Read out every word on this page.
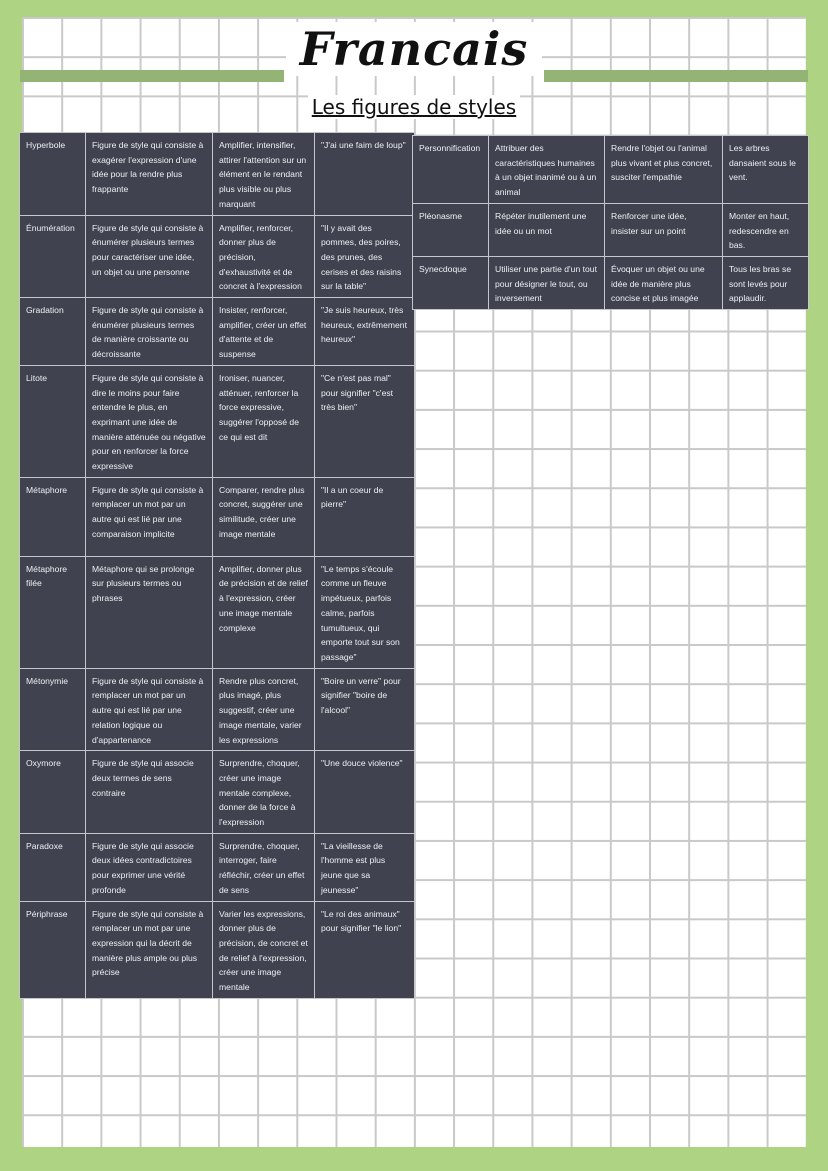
Francais
Les figures de styles
Hyperbole	Figure de style qui consiste à exagérer l'expression d'une idée pour la rendre plus frappante	Amplifier, intensifier, attirer l'attention sur un élément en le rendant plus visible ou plus marquant	"J'ai une faim de loup"
Énumération	Figure de style qui consiste à énumérer plusieurs termes pour caractériser une idée, un objet ou une personne	Amplifier, renforcer, donner plus de précision, d'exhaustivité et de concret à l'expression	"Il y avait des pommes, des poires, des prunes, des cerises et des raisins sur la table"
Gradation	Figure de style qui consiste à énumérer plusieurs termes de manière croissante ou décroissante	Insister, renforcer, amplifier, créer un effet d'attente et de suspense	"Je suis heureux, très heureux, extrêmement heureux"
Litote	Figure de style qui consiste à dire le moins pour faire entendre le plus, en exprimant une idée de manière atténuée ou négative pour en renforcer la force expressive	Ironiser, nuancer, atténuer, renforcer la force expressive, suggérer l'opposé de ce qui est dit	"Ce n'est pas mal" pour signifier "c'est très bien"
Métaphore	Figure de style qui consiste à remplacer un mot par un autre qui est lié par une comparaison implicite	Comparer, rendre plus concret, suggérer une similitude, créer une image mentale	"Il a un coeur de pierre"
Métaphore filée	Métaphore qui se prolonge sur plusieurs termes ou phrases	Amplifier, donner plus de précision et de relief à l'expression, créer une image mentale complexe	"Le temps s'écoule comme un fleuve impétueux, parfois calme, parfois tumultueux, qui emporte tout sur son passage"
Métonymie	Figure de style qui consiste à remplacer un mot par un autre qui est lié par une relation logique ou d'appartenance	Rendre plus concret, plus imagé, plus suggestif, créer une image mentale, varier les expressions	"Boire un verre" pour signifier "boire de l'alcool"
Oxymore	Figure de style qui associe deux termes de sens contraire	Surprendre, choquer, créer une image mentale complexe, donner de la force à l'expression	"Une douce violence"
Paradoxe	Figure de style qui associe deux idées contradictoires pour exprimer une vérité profonde	Surprendre, choquer, interroger, faire réfléchir, créer un effet de sens	"La vieillesse de l'homme est plus jeune que sa jeunesse"
Périphrase	Figure de style qui consiste à remplacer un mot par une expression qui la décrit de manière plus ample ou plus précise	Varier les expressions, donner plus de précision, de concret et de relief à l'expression, créer une image mentale	"Le roi des animaux" pour signifier "le lion"
Personnification	Attribuer des caractéristiques humaines à un objet inanimé ou à un animal	Rendre l'objet ou l'animal plus vivant et plus concret, susciter l'empathie	Les arbres dansaient sous le vent.
Pléonasme	Répéter inutilement une idée ou un mot	Renforcer une idée, insister sur un point	Monter en haut, redescendre en bas.
Synecdoque	Utiliser une partie d'un tout pour désigner le tout, ou inversement	Évoquer un objet ou une idée de manière plus concise et plus imagée	Tous les bras se sont levés pour applaudir.
